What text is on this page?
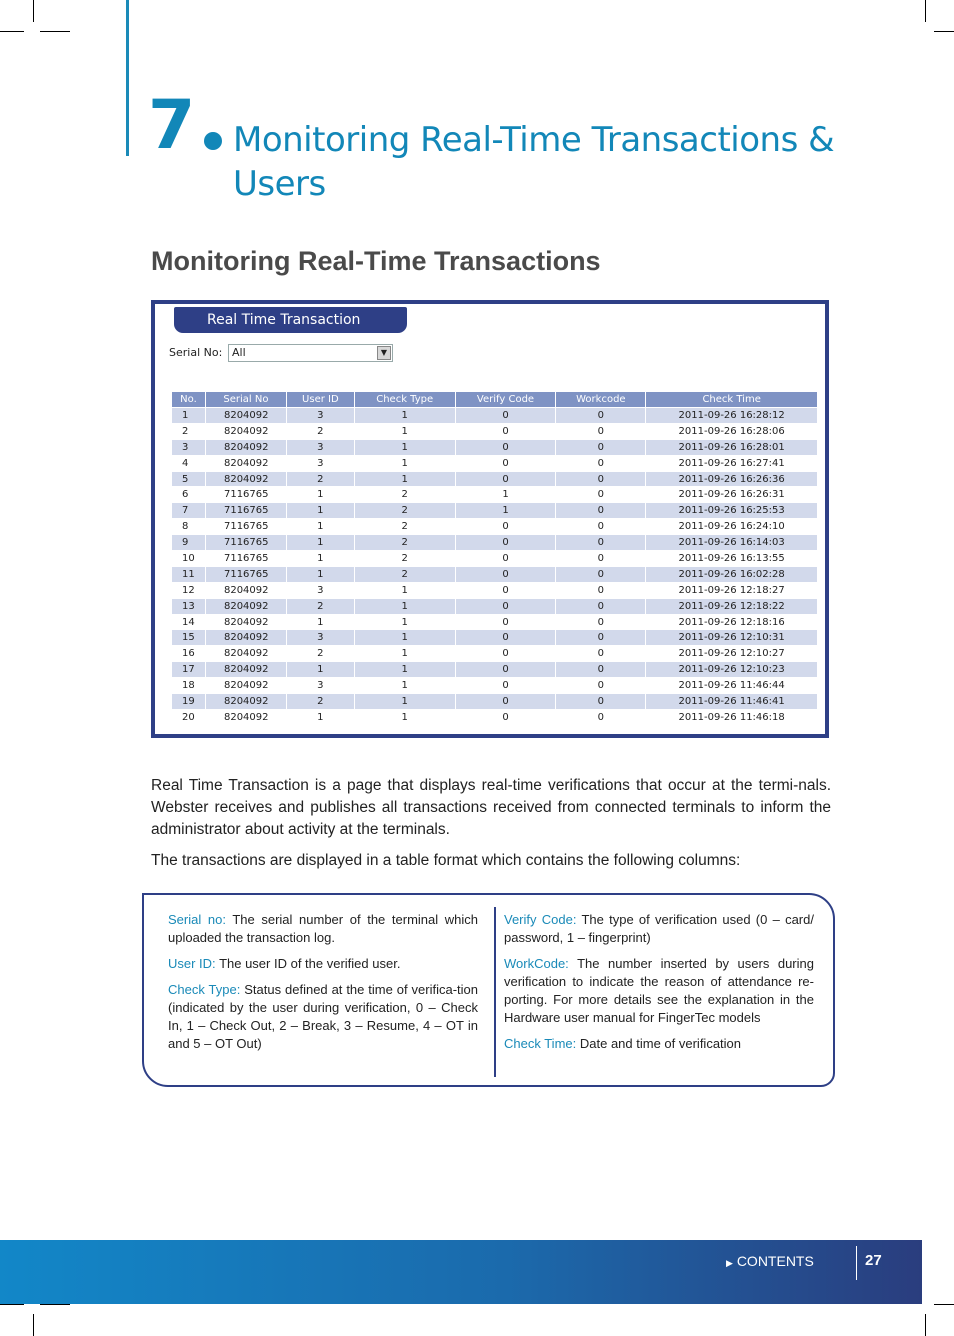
7 Monitoring Real-Time Transactions & Users
Monitoring Real-Time Transactions
Real Time Transaction
Serial No: All	▼
No.	Serial No	User ID	Check Type	Verify Code	Workcode	Check Time
1	8204092	3	1	0	0	2011-09-26 16:28:12
2	8204092	2	1	0	0	2011-09-26 16:28:06
3	8204092	3	1	0	0	2011-09-26 16:28:01
4	8204092	3	1	0	0	2011-09-26 16:27:41
5	8204092	2	1	0	0	2011-09-26 16:26:36
6	7116765	1	2	1	0	2011-09-26 16:26:31
7	7116765	1	2	1	0	2011-09-26 16:25:53
8	7116765	1	2	0	0	2011-09-26 16:24:10
9	7116765	1	2	0	0	2011-09-26 16:14:03
10	7116765	1	2	0	0	2011-09-26 16:13:55
11	7116765	1	2	0	0	2011-09-26 16:02:28
12	8204092	3	1	0	0	2011-09-26 12:18:27
13	8204092	2	1	0	0	2011-09-26 12:18:22
14	8204092	1	1	0	0	2011-09-26 12:18:16
15	8204092	3	1	0	0	2011-09-26 12:10:31
16	8204092	2	1	0	0	2011-09-26 12:10:27
17	8204092	1	1	0	0	2011-09-26 12:10:23
18	8204092	3	1	0	0	2011-09-26 11:46:44
19	8204092	2	1	0	0	2011-09-26 11:46:41
20	8204092	1	1	0	0	2011-09-26 11:46:18

Real Time Transaction is a page that displays real-time verifications that occur at the termi-nals. Webster receives and publishes all transactions received from connected terminals to inform the administrator about activity at the terminals.

The transactions are displayed in a table format which contains the following columns:

Serial no: The serial number of the terminal which uploaded the transaction log.
User ID: The user ID of the verified user.
Check Type: Status defined at the time of verifica-tion (indicated by the user during verification, 0 – Check In, 1 – Check Out, 2 – Break, 3 – Resume, 4 – OT in and 5 – OT Out)
Verify Code: The type of verification used (0 – card/ password, 1 – fingerprint)
WorkCode: The number inserted by users during verification to indicate the reason of attendance re-porting. For more details see the explanation in the Hardware user manual for FingerTec models
Check Time: Date and time of verification
▶ CONTENTS	27
